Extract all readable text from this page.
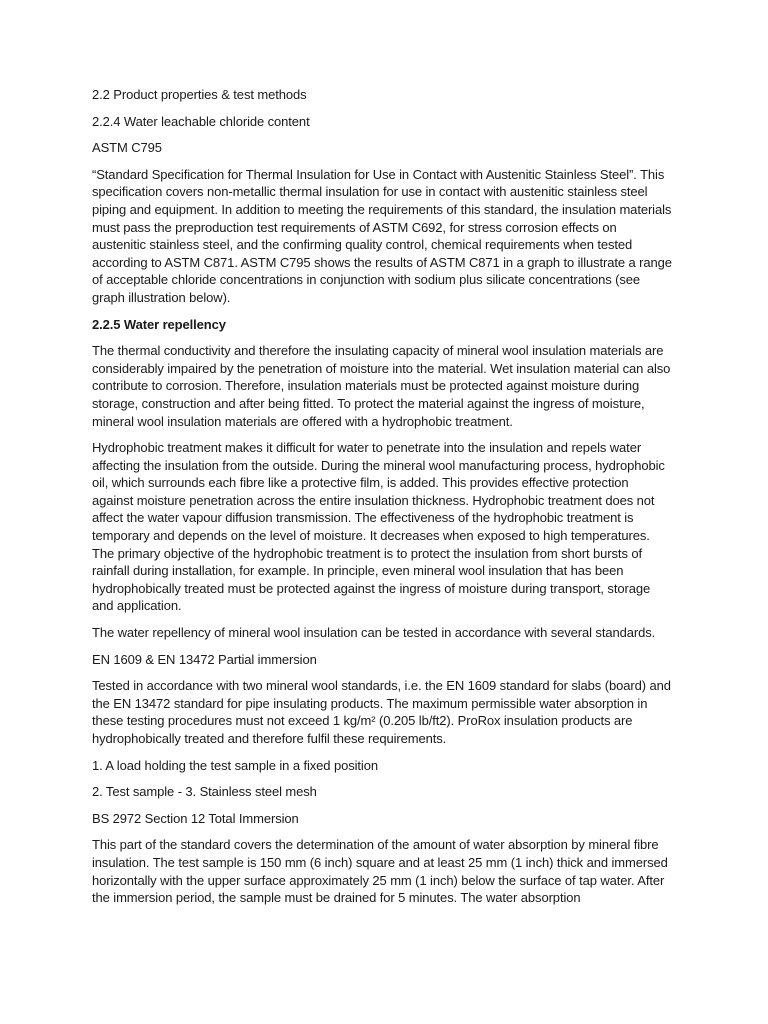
2.2 Product properties & test methods

2.2.4 Water leachable chloride content

ASTM C795

“Standard Specification for Thermal Insulation for Use in Contact with Austenitic Stainless Steel”. This specification covers non-metallic thermal insulation for use in contact with austenitic stainless steel piping and equipment. In addition to meeting the requirements of this standard, the insulation materials must pass the preproduction test requirements of ASTM C692, for stress corrosion effects on austenitic stainless steel, and the confirming quality control, chemical requirements when tested according to ASTM C871. ASTM C795 shows the results of ASTM C871 in a graph to illustrate a range of acceptable chloride concentrations in conjunction with sodium plus silicate concentrations (see graph illustration below).

2.2.5 Water repellency

The thermal conductivity and therefore the insulating capacity of mineral wool insulation materials are considerably impaired by the penetration of moisture into the material. Wet insulation material can also contribute to corrosion. Therefore, insulation materials must be protected against moisture during storage, construction and after being fitted. To protect the material against the ingress of moisture, mineral wool insulation materials are offered with a hydrophobic treatment.

Hydrophobic treatment makes it difficult for water to penetrate into the insulation and repels water affecting the insulation from the outside. During the mineral wool manufacturing process, hydrophobic oil, which surrounds each fibre like a protective film, is added. This provides effective protection against moisture penetration across the entire insulation thickness. Hydrophobic treatment does not affect the water vapour diffusion transmission. The effectiveness of the hydrophobic treatment is temporary and depends on the level of moisture. It decreases when exposed to high temperatures. The primary objective of the hydrophobic treatment is to protect the insulation from short bursts of rainfall during installation, for example. In principle, even mineral wool insulation that has been hydrophobically treated must be protected against the ingress of moisture during transport, storage and application.

The water repellency of mineral wool insulation can be tested in accordance with several standards.

EN 1609 & EN 13472 Partial immersion

Tested in accordance with two mineral wool standards, i.e. the EN 1609 standard for slabs (board) and the EN 13472 standard for pipe insulating products. The maximum permissible water absorption in these testing procedures must not exceed 1 kg/m² (0.205 lb/ft2). ProRox insulation products are hydrophobically treated and therefore fulfil these requirements.

1. A load holding the test sample in a fixed position

2. Test sample - 3. Stainless steel mesh

BS 2972 Section 12 Total Immersion

This part of the standard covers the determination of the amount of water absorption by mineral fibre insulation. The test sample is 150 mm (6 inch) square and at least 25 mm (1 inch) thick and immersed horizontally with the upper surface approximately 25 mm (1 inch) below the surface of tap water. After the immersion period, the sample must be drained for 5 minutes. The water absorption
